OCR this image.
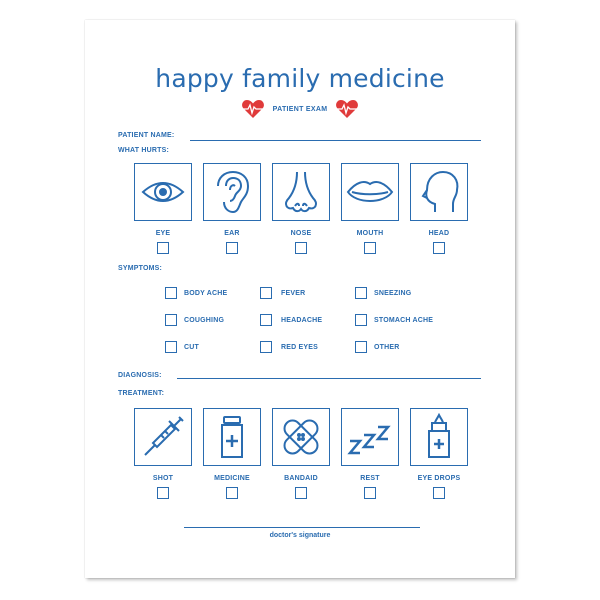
happy family medicine
PATIENT EXAM
PATIENT NAME:
WHAT HURTS:
EYE	EAR	NOSE	MOUTH	HEAD
SYMPTOMS:
BODY ACHE	FEVER	SNEEZING
COUGHING	HEADACHE	STOMACH ACHE
CUT	RED EYES	OTHER
DIAGNOSIS:
TREATMENT:
SHOT	MEDICINE	BANDAID	REST	EYE DROPS
doctor's signature
